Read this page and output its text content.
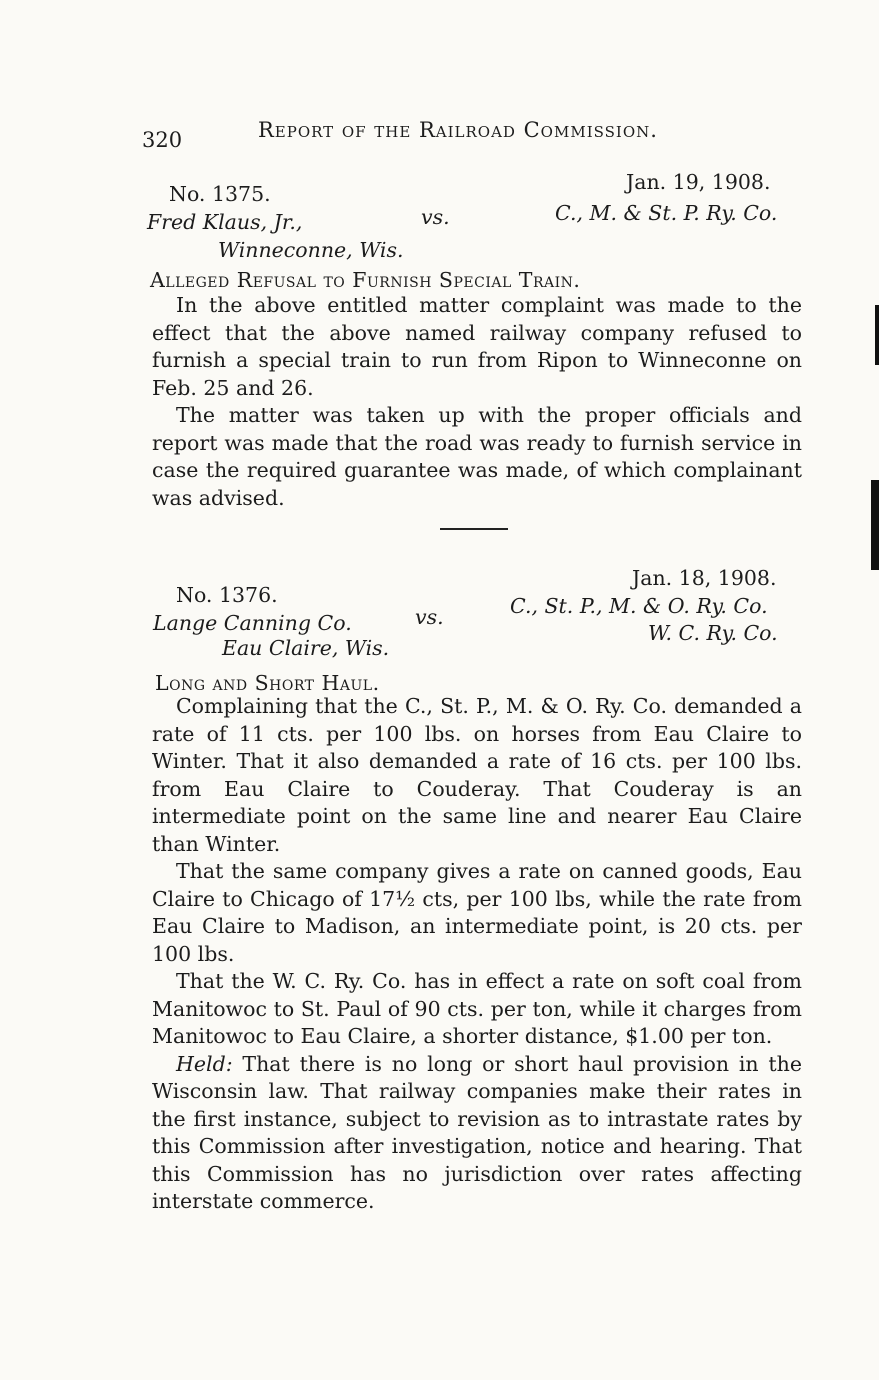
320	Report of the Railroad Commission.
No. 1375.	Jan. 19, 1908.
Fred Klaus, Jr.,	vs.	C., M. & St. P. Ry. Co.
Winneconne, Wis.
Alleged Refusal to Furnish Special Train.

In the above entitled matter complaint was made to the effect that the above named railway company refused to furnish a special train to run from Ripon to Winneconne on Feb. 25 and 26.

The matter was taken up with the proper officials and report was made that the road was ready to furnish service in case the required guarantee was made, of which complainant was advised.

No. 1376.
Jan. 18, 1908.
Lange Canning Co.	vs.	C., St. P., M. & O. Ry. Co.
W. C. Ry. Co.
Eau Claire, Wis.
Long and Short Haul.

Complaining that the C., St. P., M. & O. Ry. Co. demanded a rate of 11 cts. per 100 lbs. on horses from Eau Claire to Winter. That it also demanded a rate of 16 cts. per 100 lbs. from Eau Claire to Couderay. That Couderay is an intermediate point on the same line and nearer Eau Claire than Winter.

That the same company gives a rate on canned goods, Eau Claire to Chicago of 17½ cts, per 100 lbs, while the rate from Eau Claire to Madison, an intermediate point, is 20 cts. per 100 lbs.

That the W. C. Ry. Co. has in effect a rate on soft coal from Manitowoc to St. Paul of 90 cts. per ton, while it charges from Manitowoc to Eau Claire, a shorter distance, $1.00 per ton.

Held: That there is no long or short haul provision in the Wisconsin law. That railway companies make their rates in the first instance, subject to revision as to intrastate rates by this Commission after investigation, notice and hearing. That this Commission has no jurisdiction over rates affecting interstate commerce.
